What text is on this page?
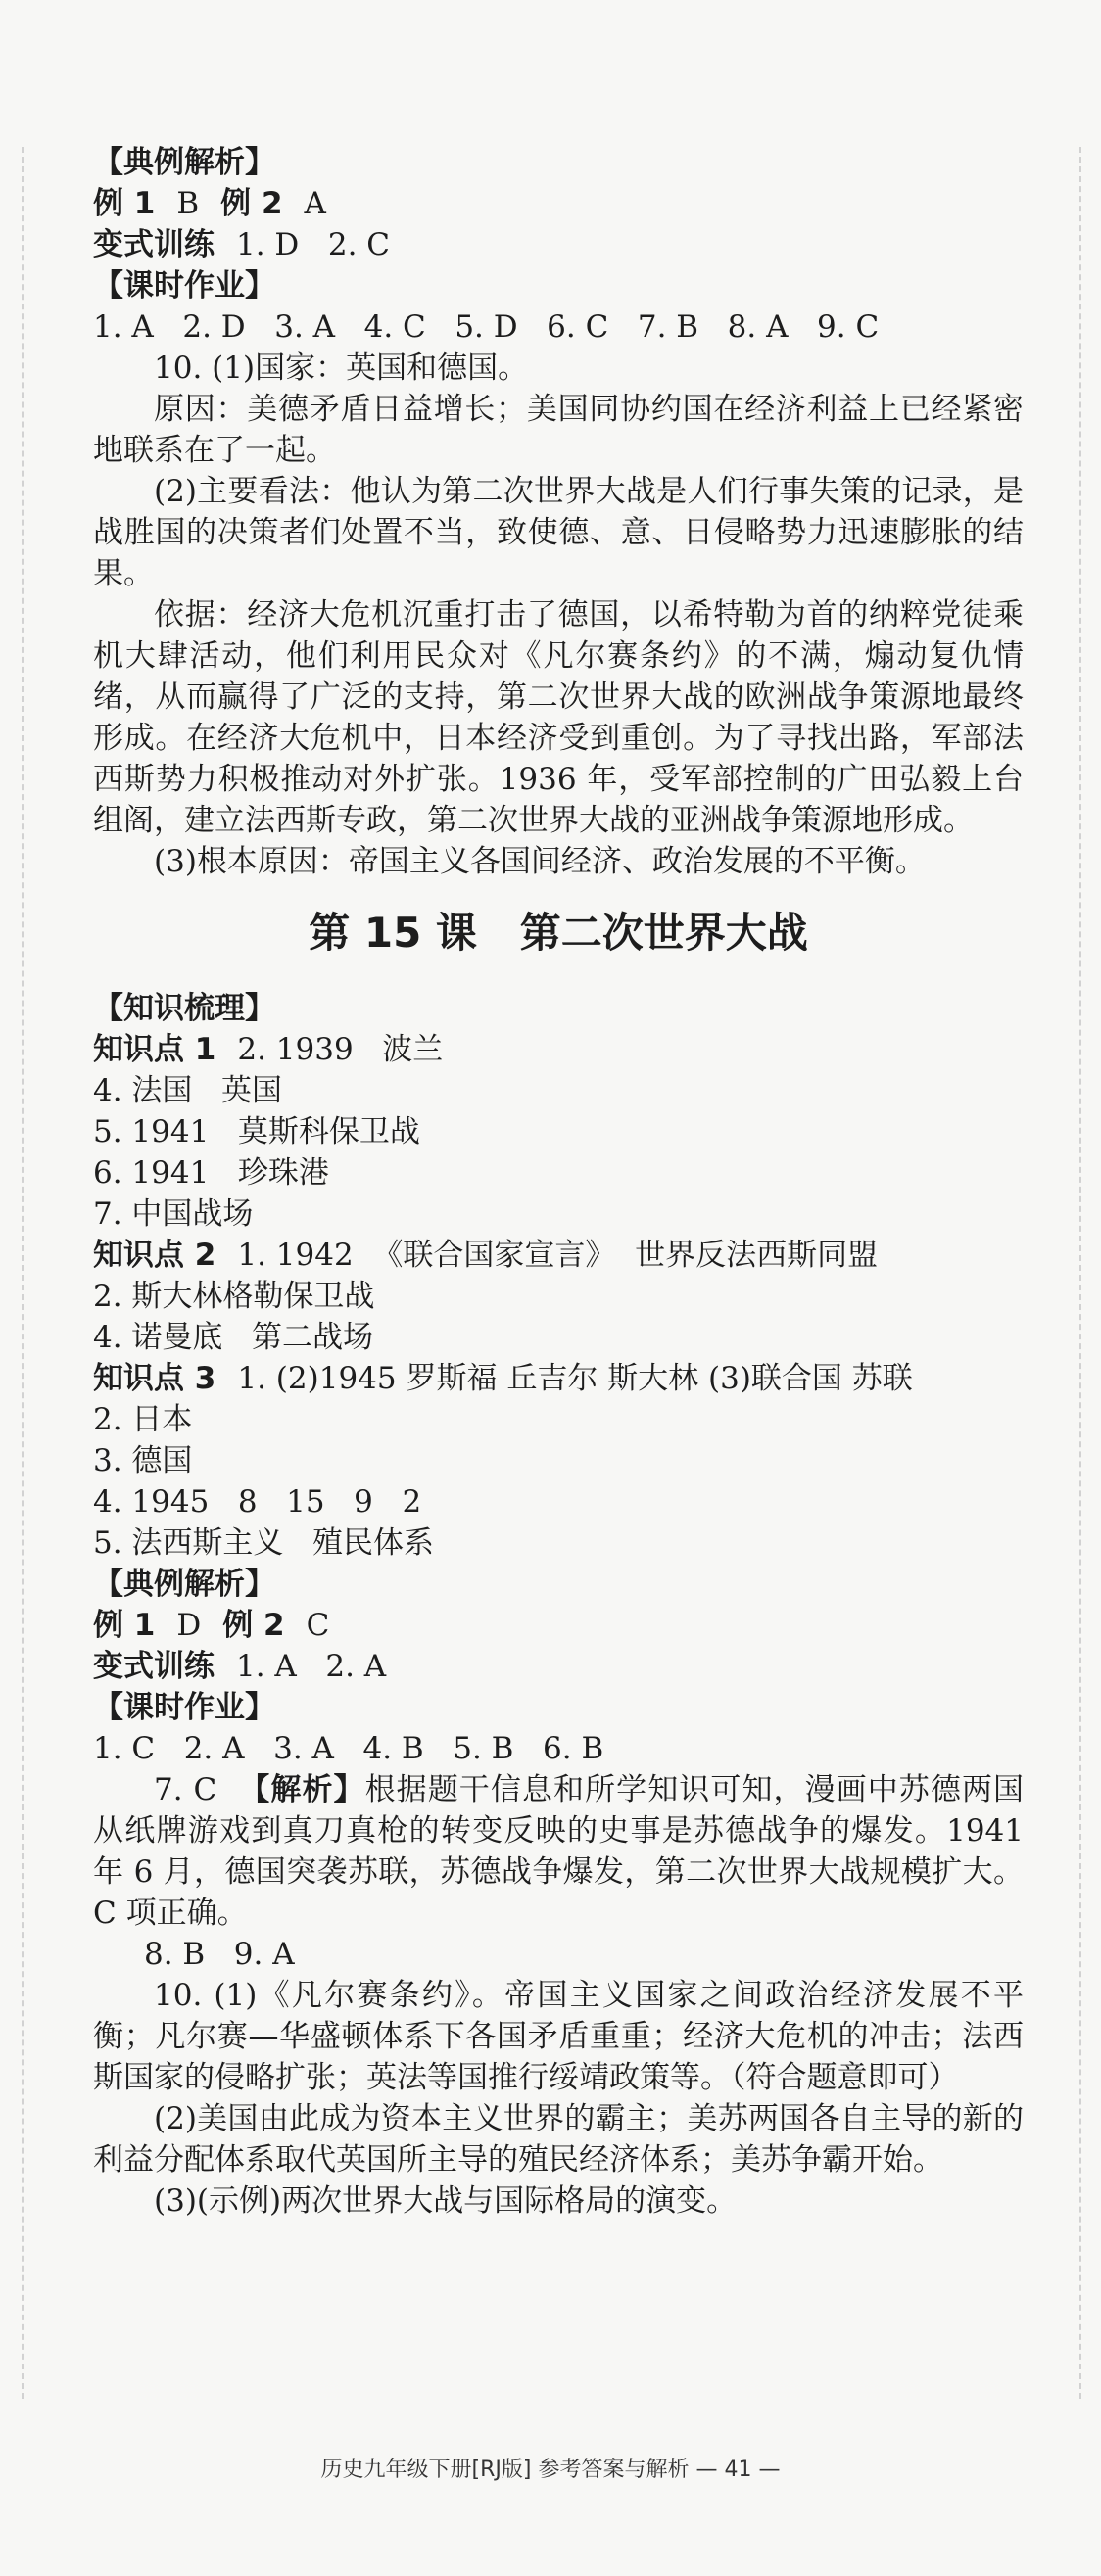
【典例解析】
例 1 B 例 2 A
变式训练 1. D   2. C
【课时作业】
1. A   2. D   3. A   4. C   5. D   6. C   7. B   8. A   9. C

10. (1)国家：英国和德国。

原因：美德矛盾日益增长；美国同协约国在经济利益上已经紧密地联系在了一起。

(2)主要看法：他认为第二次世界大战是人们行事失策的记录，是战胜国的决策者们处置不当，致使德、意、日侵略势力迅速膨胀的结果。

依据：经济大危机沉重打击了德国，以希特勒为首的纳粹党徒乘机大肆活动，他们利用民众对《凡尔赛条约》的不满，煽动复仇情绪，从而赢得了广泛的支持，第二次世界大战的欧洲战争策源地最终形成。在经济大危机中，日本经济受到重创。为了寻找出路，军部法西斯势力积极推动对外扩张。1936 年，受军部控制的广田弘毅上台组阁，建立法西斯专政，第二次世界大战的亚洲战争策源地形成。

(3)根本原因：帝国主义各国间经济、政治发展的不平衡。

第 15 课   第二次世界大战
【知识梳理】
知识点 1 2. 1939   波兰
4. 法国   英国
5. 1941   莫斯科保卫战
6. 1941   珍珠港
7. 中国战场
知识点 2 1. 1942  《联合国家宣言》  世界反法西斯同盟
2. 斯大林格勒保卫战
4. 诺曼底   第二战场

知识点 3 1. (2)1945 罗斯福 丘吉尔 斯大林 (3)联合国 苏联

2. 日本
3. 德国
4. 1945   8   15   9   2
5. 法西斯主义   殖民体系
【典例解析】
例 1 D 例 2 C
变式训练 1. A   2. A
【课时作业】
1. C   2. A   3. A   4. B   5. B   6. B

7. C 【解析】根据题干信息和所学知识可知，漫画中苏德两国从纸牌游戏到真刀真枪的转变反映的史事是苏德战争的爆发。1941 年 6 月，德国突袭苏联，苏德战争爆发，第二次世界大战规模扩大。C 项正确。

8. B   9. A

10. (1)《凡尔赛条约》。帝国主义国家之间政治经济发展不平衡；凡尔赛—华盛顿体系下各国矛盾重重；经济大危机的冲击；法西斯国家的侵略扩张；英法等国推行绥靖政策等。（符合题意即可）

(2)美国由此成为资本主义世界的霸主；美苏两国各自主导的新的利益分配体系取代英国所主导的殖民经济体系；美苏争霸开始。

(3)(示例)两次世界大战与国际格局的演变。

历史九年级下册[RJ版] 参考答案与解析 — 41 —
